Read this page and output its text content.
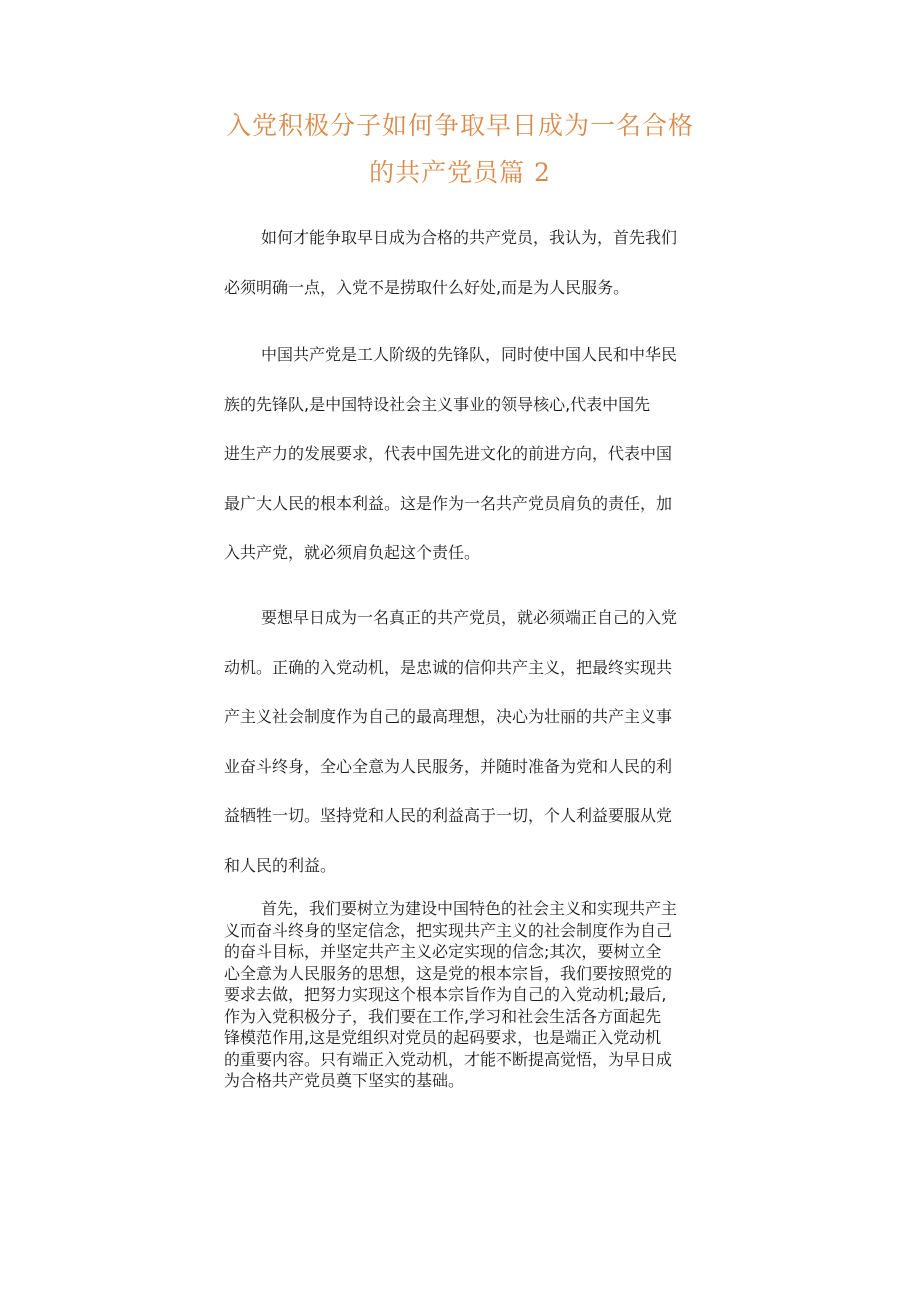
入党积极分子如何争取早日成为一名合格
的共产党员篇 2
如何才能争取早日成为合格的共产党员，我认为，首先我们
必须明确一点，入党不是捞取什么好处,而是为人民服务。
中国共产党是工人阶级的先锋队，同时使中国人民和中华民
族的先锋队,是中国特设社会主义事业的领导核心,代表中国先
进生产力的发展要求，代表中国先进文化的前进方向，代表中国
最广大人民的根本利益。这是作为一名共产党员肩负的责任，加
入共产党，就必须肩负起这个责任。
要想早日成为一名真正的共产党员，就必须端正自己的入党
动机。正确的入党动机，是忠诚的信仰共产主义，把最终实现共
产主义社会制度作为自己的最高理想，决心为壮丽的共产主义事
业奋斗终身，全心全意为人民服务，并随时准备为党和人民的利
益牺牲一切。坚持党和人民的利益高于一切，个人利益要服从党
和人民的利益。
首先，我们要树立为建设中国特色的社会主义和实现共产主
义而奋斗终身的坚定信念，把实现共产主义的社会制度作为自己
的奋斗目标，并坚定共产主义必定实现的信念;其次，要树立全
心全意为人民服务的思想，这是党的根本宗旨，我们要按照党的
要求去做，把努力实现这个根本宗旨作为自己的入党动机;最后,
作为入党积极分子，我们要在工作,学习和社会生活各方面起先
锋模范作用,这是党组织对党员的起码要求，也是端正入党动机
的重要内容。只有端正入党动机，才能不断提高觉悟，为早日成
为合格共产党员奠下坚实的基础。
